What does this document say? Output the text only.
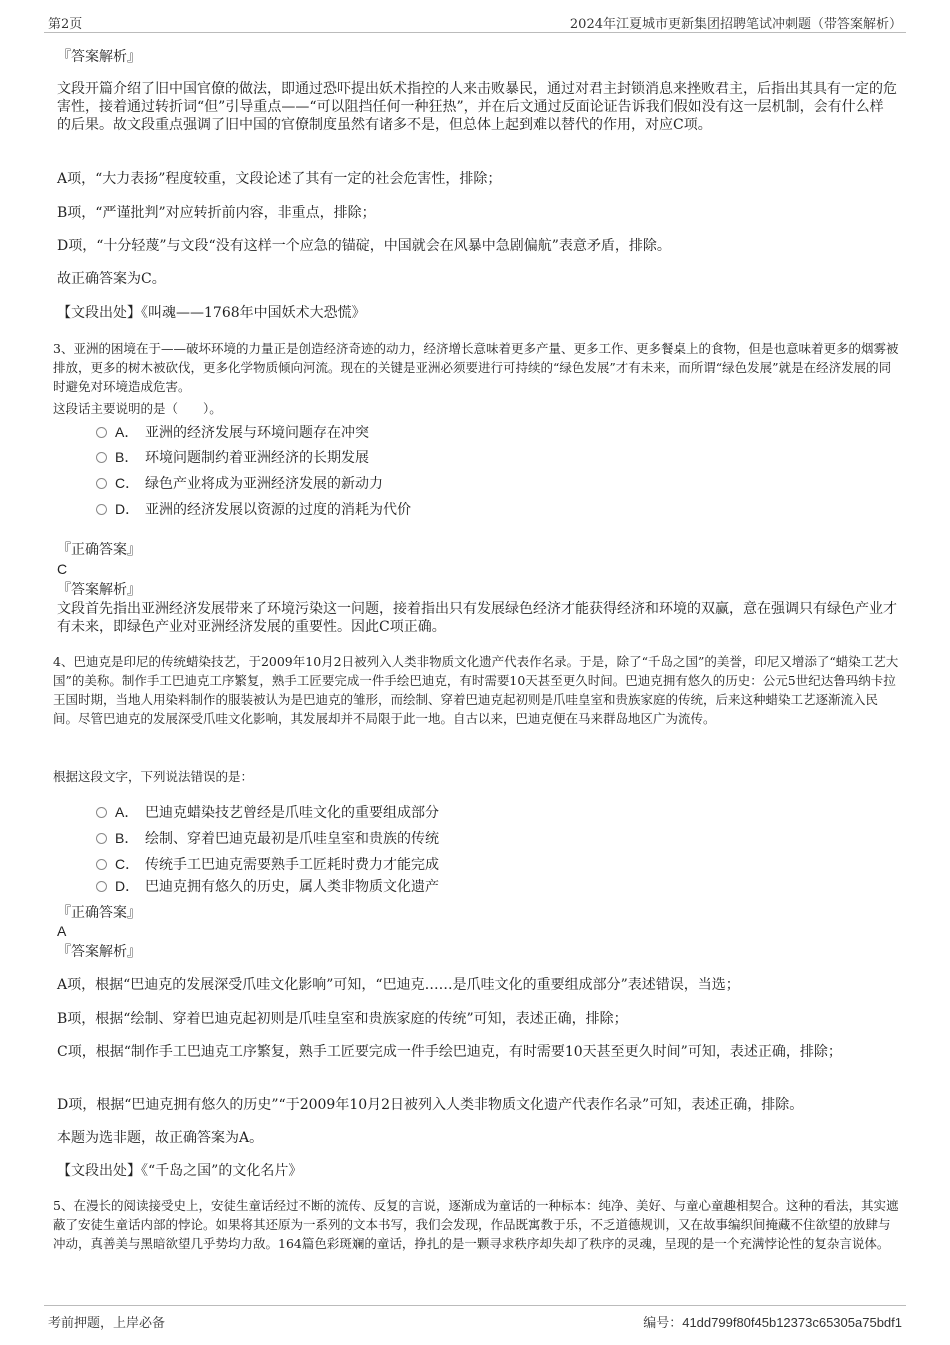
第2页	2024年江夏城市更新集团招聘笔试冲刺题（带答案解析）
『答案解析』
文段开篇介绍了旧中国官僚的做法，即通过恐吓提出妖术指控的人来击败暴民，通过对君主封锁消息来挫败君主，后指出其具有一定的危害性，接着通过转折词“但”引导重点——“可以阻挡任何一种狂热”，并在后文通过反面论证告诉我们假如没有这一层机制，会有什么样的后果。故文段重点强调了旧中国的官僚制度虽然有诸多不是，但总体上起到难以替代的作用，对应C项。
A项，“大力表扬”程度较重，文段论述了其有一定的社会危害性，排除；
B项，“严谨批判”对应转折前内容，非重点，排除；
D项，“十分轻蔑”与文段“没有这样一个应急的锚碇，中国就会在风暴中急剧偏航”表意矛盾，排除。
故正确答案为C。
【文段出处】《叫魂——1768年中国妖术大恐慌》
3、亚洲的困境在于——破坏环境的力量正是创造经济奇迹的动力，经济增长意味着更多产量、更多工作、更多餐桌上的食物，但是也意味着更多的烟雾被排放，更多的树木被砍伐，更多化学物质倾向河流。现在的关键是亚洲必须要进行可持续的“绿色发展”才有未来，而所谓“绿色发展”就是在经济发展的同时避免对环境造成危害。
这段话主要说明的是（　　）。
A． 亚洲的经济发展与环境问题存在冲突
B． 环境问题制约着亚洲经济的长期发展
C． 绿色产业将成为亚洲经济发展的新动力
D． 亚洲的经济发展以资源的过度的消耗为代价
『正确答案』
C
『答案解析』
文段首先指出亚洲经济发展带来了环境污染这一问题，接着指出只有发展绿色经济才能获得经济和环境的双赢，意在强调只有绿色产业才有未来，即绿色产业对亚洲经济发展的重要性。因此C项正确。
4、巴迪克是印尼的传统蜡染技艺，于2009年10月2日被列入人类非物质文化遗产代表作名录。于是，除了“千岛之国”的美誉，印尼又增添了“蜡染工艺大国”的美称。制作手工巴迪克工序繁复，熟手工匠要完成一件手绘巴迪克，有时需要10天甚至更久时间。巴迪克拥有悠久的历史：公元5世纪达鲁玛纳卡拉王国时期，当地人用染料制作的服装被认为是巴迪克的雏形，而绘制、穿着巴迪克起初则是爪哇皇室和贵族家庭的传统，后来这种蜡染工艺逐渐流入民间。尽管巴迪克的发展深受爪哇文化影响，其发展却并不局限于此一地。自古以来，巴迪克便在马来群岛地区广为流传。
根据这段文字，下列说法错误的是：
A． 巴迪克蜡染技艺曾经是爪哇文化的重要组成部分
B． 绘制、穿着巴迪克最初是爪哇皇室和贵族的传统
C． 传统手工巴迪克需要熟手工匠耗时费力才能完成
D． 巴迪克拥有悠久的历史，属人类非物质文化遗产
『正确答案』
A
『答案解析』
A项，根据“巴迪克的发展深受爪哇文化影响”可知，“巴迪克……是爪哇文化的重要组成部分”表述错误，当选；
B项，根据“绘制、穿着巴迪克起初则是爪哇皇室和贵族家庭的传统”可知，表述正确，排除；
C项，根据“制作手工巴迪克工序繁复，熟手工匠要完成一件手绘巴迪克，有时需要10天甚至更久时间”可知，表述正确，排除；
D项，根据“巴迪克拥有悠久的历史”“于2009年10月2日被列入人类非物质文化遗产代表作名录”可知，表述正确，排除。
本题为选非题，故正确答案为A。
【文段出处】《“千岛之国”的文化名片》
5、在漫长的阅读接受史上，安徒生童话经过不断的流传、反复的言说，逐渐成为童话的一种标本：纯净、美好、与童心童趣相契合。这种的看法，其实遮蔽了安徒生童话内部的悖论。如果将其还原为一系列的文本书写，我们会发现，作品既寓教于乐，不乏道德规训，又在故事编织间掩藏不住欲望的放肆与冲动，真善美与黑暗欲望几乎势均力敌。164篇色彩斑斓的童话，挣扎的是一颗寻求秩序却失却了秩序的灵魂，呈现的是一个充满悖论性的复杂言说体。
考前押题，上岸必备	编号：41dd799f80f45b12373c65305a75bdf1
